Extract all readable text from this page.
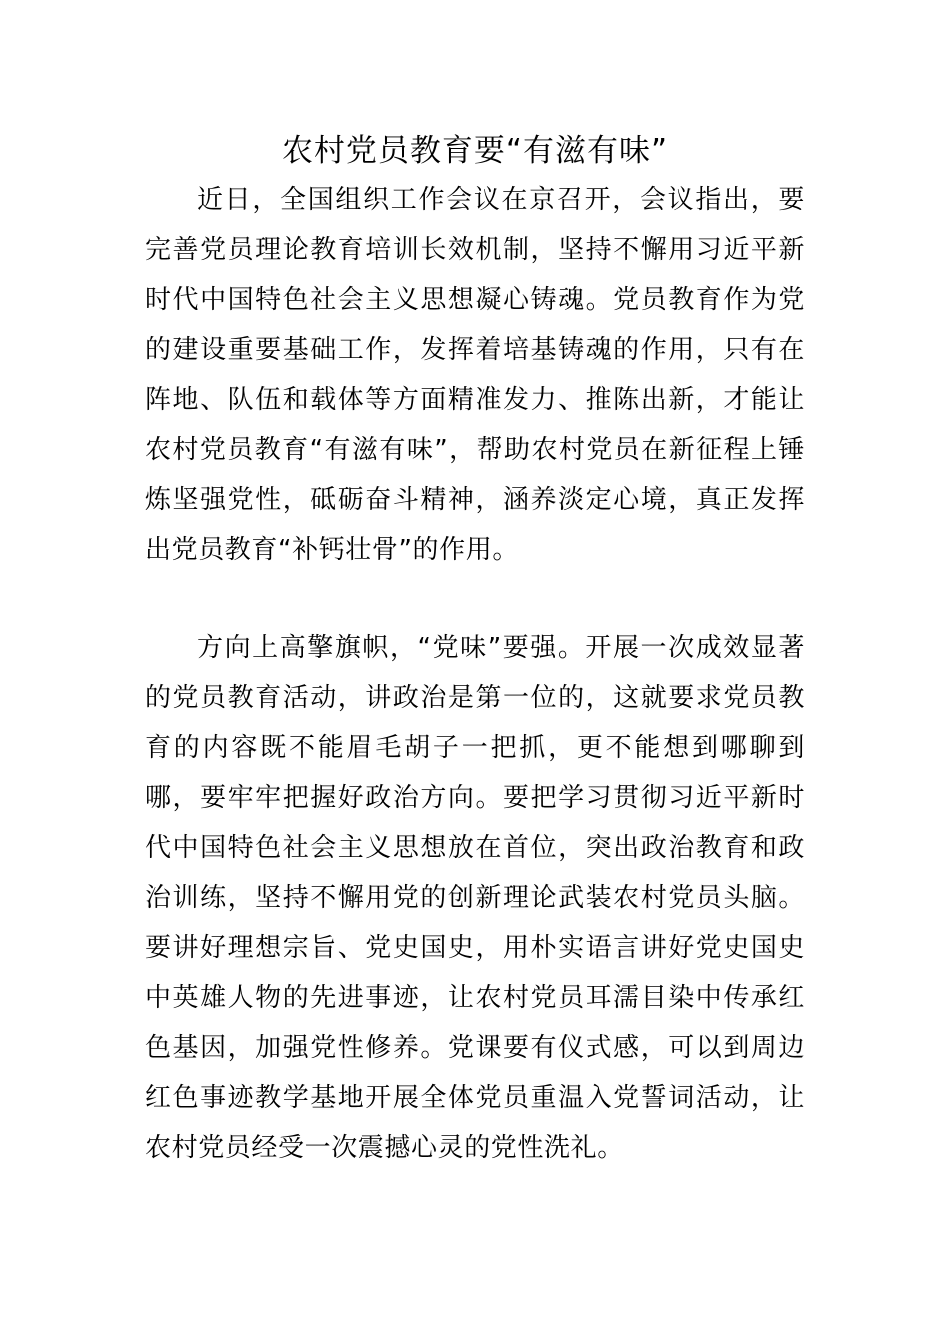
农村党员教育要“有滋有味”

近日，全国组织工作会议在京召开，会议指出，要完善党员理论教育培训长效机制，坚持不懈用习近平新时代中国特色社会主义思想凝心铸魂。党员教育作为党的建设重要基础工作，发挥着培基铸魂的作用，只有在阵地、队伍和载体等方面精准发力、推陈出新，才能让农村党员教育“有滋有味”，帮助农村党员在新征程上锤炼坚强党性，砥砺奋斗精神，涵养淡定心境，真正发挥出党员教育“补钙壮骨”的作用。

方向上高擎旗帜，“党味”要强。开展一次成效显著的党员教育活动，讲政治是第一位的，这就要求党员教育的内容既不能眉毛胡子一把抓，更不能想到哪聊到哪，要牢牢把握好政治方向。要把学习贯彻习近平新时代中国特色社会主义思想放在首位，突出政治教育和政治训练，坚持不懈用党的创新理论武装农村党员头脑。要讲好理想宗旨、党史国史，用朴实语言讲好党史国史中英雄人物的先进事迹，让农村党员耳濡目染中传承红色基因，加强党性修养。党课要有仪式感，可以到周边红色事迹教学基地开展全体党员重温入党誓词活动，让农村党员经受一次震撼心灵的党性洗礼。
